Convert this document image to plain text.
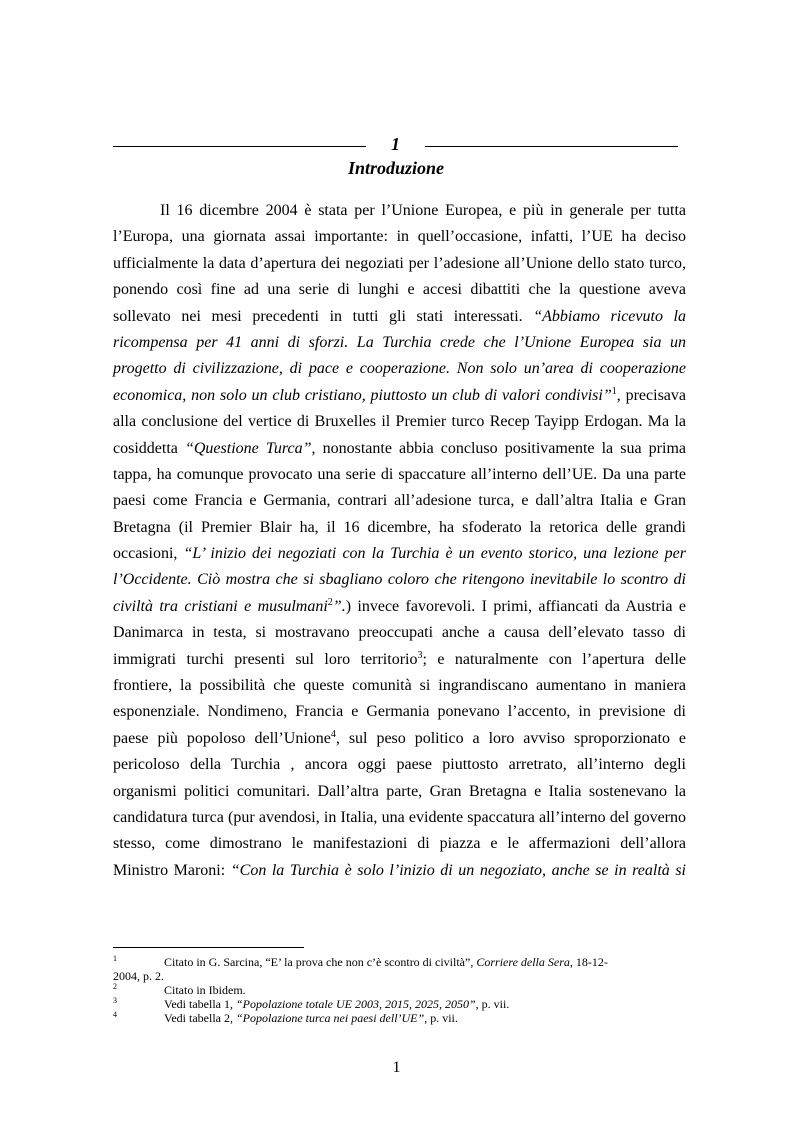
1
Introduzione
Il 16 dicembre 2004 è stata per l’Unione Europea, e più in generale per tutta
l’Europa, una giornata assai importante: in quell’occasione, infatti, l’UE ha deciso
ufficialmente la data d’apertura dei negoziati per l’adesione all’Unione dello stato turco,
ponendo così fine ad una serie di lunghi e accesi dibattiti che la questione aveva
sollevato nei mesi precedenti in tutti gli stati interessati. “Abbiamo ricevuto la
ricompensa per 41 anni di sforzi. La Turchia crede che l’Unione Europea sia un
progetto di civilizzazione, di pace e cooperazione. Non solo un’area di cooperazione
economica, non solo un club cristiano, piuttosto un club di valori condivisi”$^1$, precisava
alla conclusione del vertice di Bruxelles il Premier turco Recep Tayipp Erdogan. Ma la
cosiddetta “Questione Turca”, nonostante abbia concluso positivamente la sua prima
tappa, ha comunque provocato una serie di spaccature all’interno dell’UE. Da una parte
paesi come Francia e Germania, contrari all’adesione turca, e dall’altra Italia e Gran
Bretagna (il Premier Blair ha, il 16 dicembre, ha sfoderato la retorica delle grandi
occasioni, “L’ inizio dei negoziati con la Turchia è un evento storico, una lezione per
l’Occidente. Ciò mostra che si sbagliano coloro che ritengono inevitabile lo scontro di
civiltà tra cristiani e musulmani$^2$”.) invece favorevoli. I primi, affiancati da Austria e
Danimarca in testa, si mostravano preoccupati anche a causa dell’elevato tasso di
immigrati turchi presenti sul loro territorio$^3$; e naturalmente con l’apertura delle
frontiere, la possibilità che queste comunità si ingrandiscano aumentano in maniera
esponenziale. Nondimeno, Francia e Germania ponevano l’accento, in previsione di
paese più popoloso dell’Unione$^4$, sul peso politico a loro avviso sproporzionato e
pericoloso della Turchia , ancora oggi paese piuttosto arretrato, all’interno degli
organismi politici comunitari. Dall’altra parte, Gran Bretagna e Italia sostenevano la
candidatura turca (pur avendosi, in Italia, una evidente spaccatura all’interno del governo
stesso, come dimostrano le manifestazioni di piazza e le affermazioni dell’allora
Ministro Maroni: “Con la Turchia è solo l’inizio di un negoziato, anche se in realtà si
1	Citato in G. Sarcina, “E’ la prova che non c’è scontro di civiltà”, Corriere della Sera, 18-12-
2004, p. 2.
2	Citato in Ibidem.
3	Vedi tabella 1, “Popolazione totale UE 2003, 2015, 2025, 2050”, p. vii.
4	Vedi tabella 2, “Popolazione turca nei paesi dell’UE”, p. vii.
1
